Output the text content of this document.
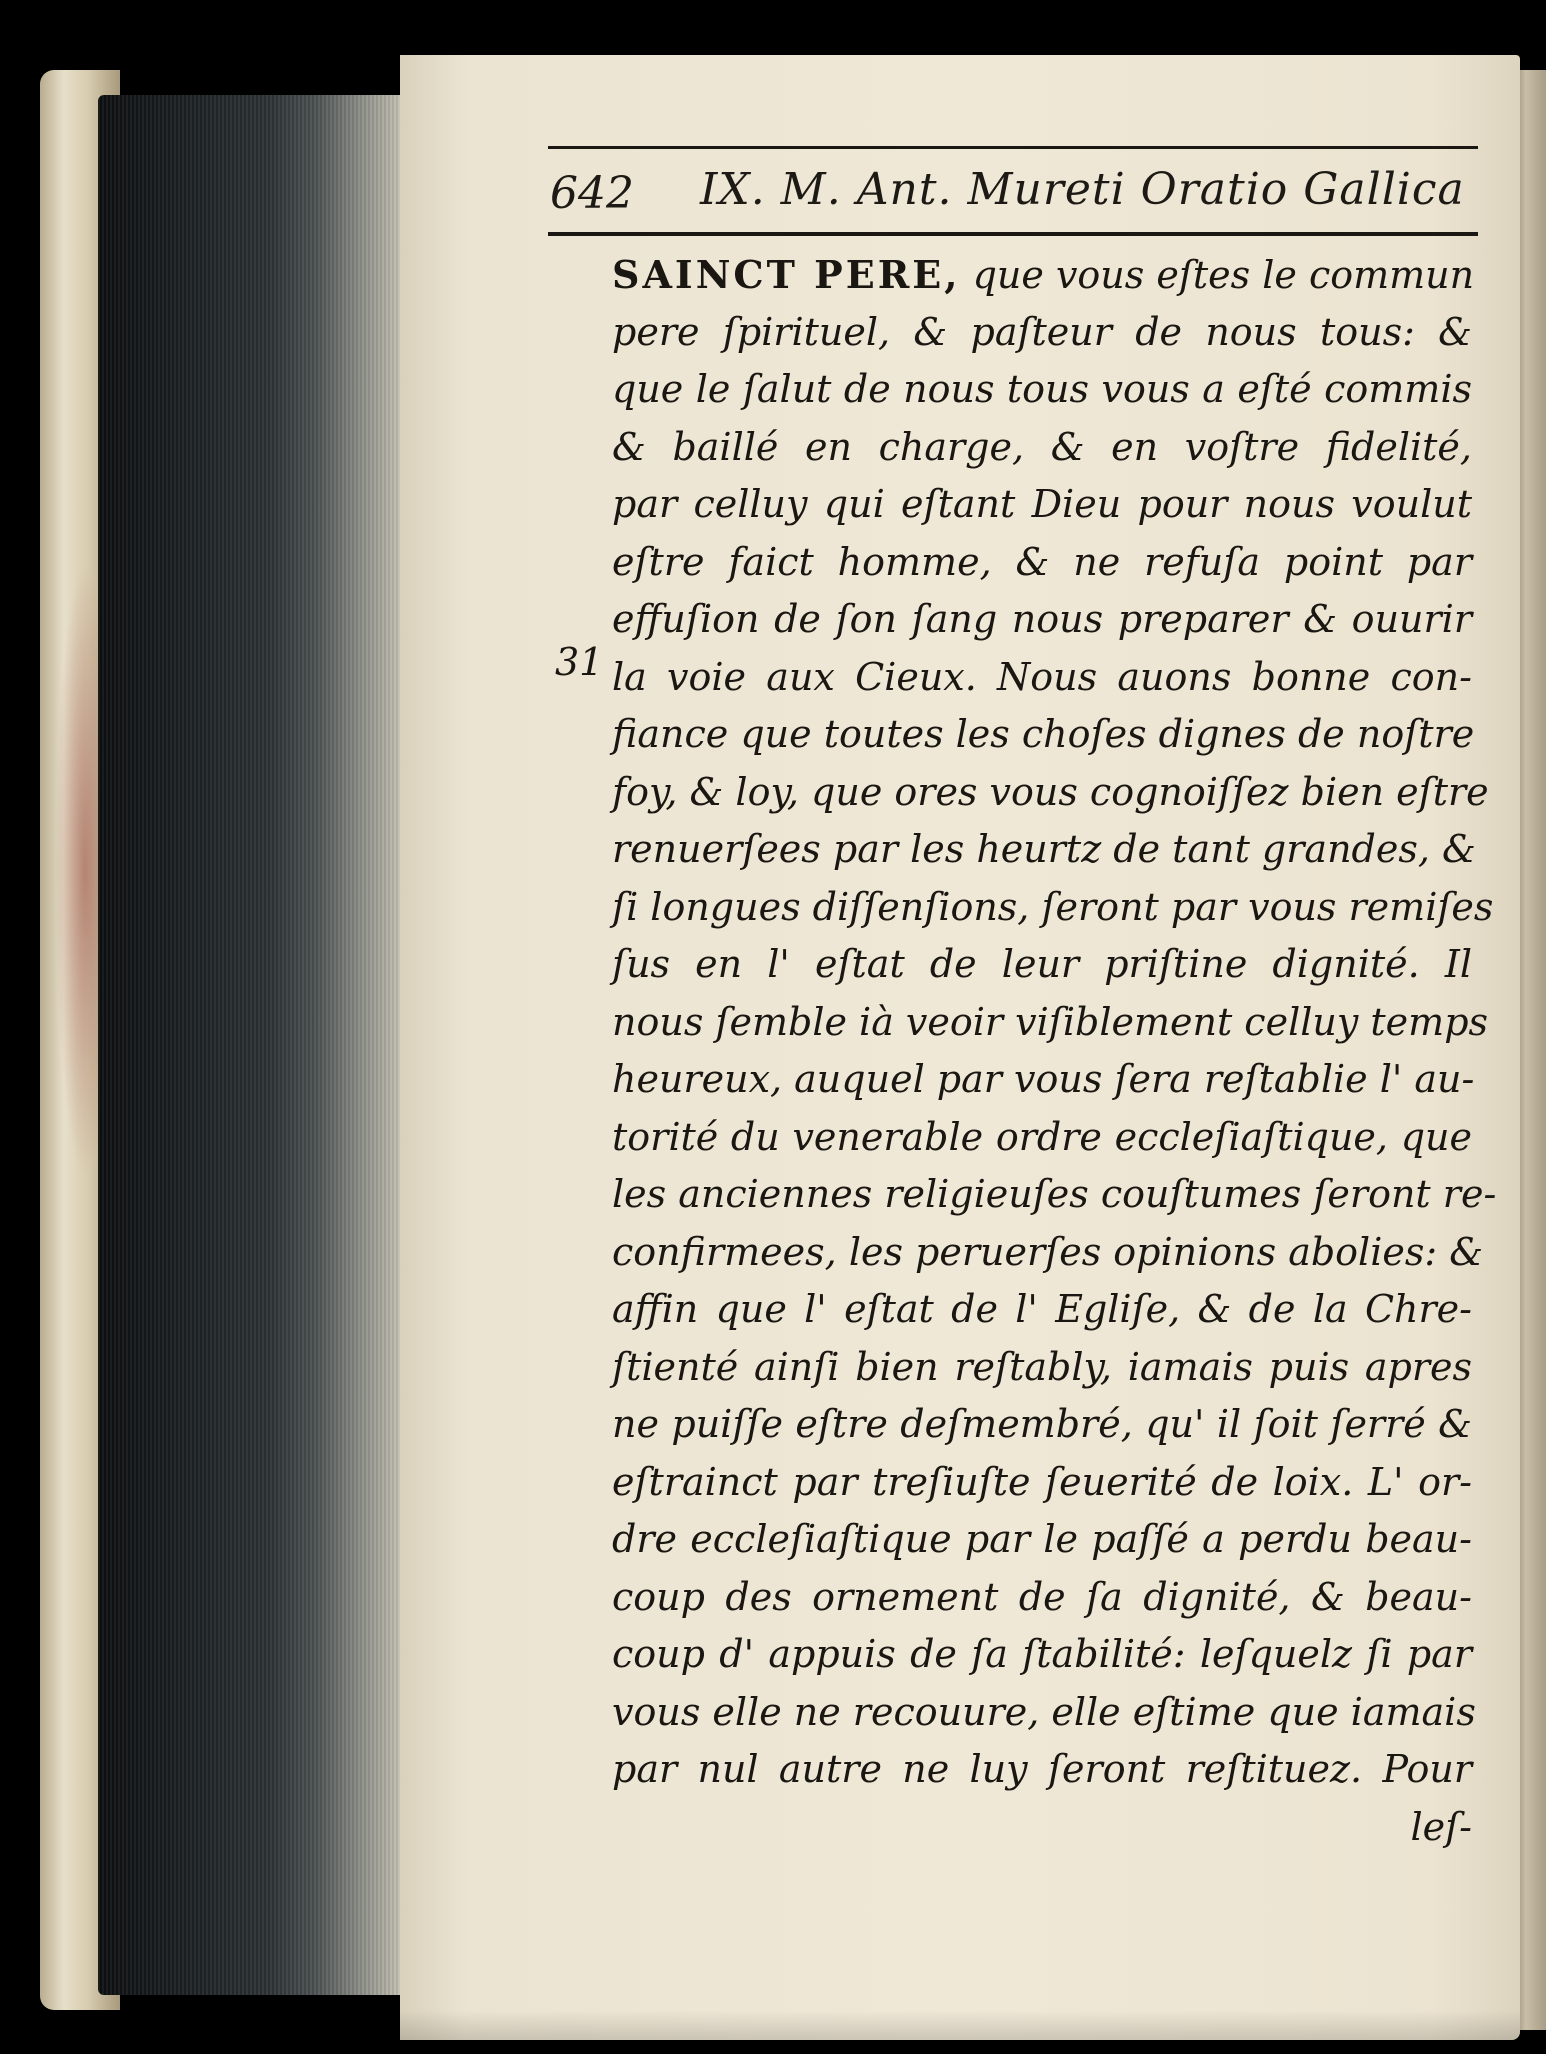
642 IX. M. Ant. Mureti Oratio Gallica
31
SAINCT PERE, que vous eſtes le commun
pere ſpirituel, & paſteur de nous tous: &
que le ſalut de nous tous vous a eſté commis
& baillé en charge, & en voſtre fidelité,
par celluy qui eſtant Dieu pour nous voulut
eſtre faict homme, & ne refuſa point par
effuſion de ſon ſang nous preparer & ouurir
la voie aux Cieux. Nous auons bonne con-
fiance que toutes les choſes dignes de noſtre
foy, & loy, que ores vous cognoiſſez bien eſtre
renuerſees par les heurtz de tant grandes, &
ſi longues diſſenſions, ſeront par vous remiſes
ſus en l' eſtat de leur priſtine dignité. Il
nous ſemble ià veoir viſiblement celluy temps
heureux, auquel par vous ſera reſtablie l' au-
torité du venerable ordre eccleſiaſtique, que
les anciennes religieuſes couſtumes ſeront re-
confirmees, les peruerſes opinions abolies: &
affin que l' eſtat de l' Egliſe, & de la Chre-
ſtienté ainſi bien reſtably, iamais puis apres
ne puiſſe eſtre deſmembré, qu' il ſoit ſerré &
eſtrainct par treſiuſte ſeuerité de loix. L' or-
dre eccleſiaſtique par le paſſé a perdu beau-
coup des ornement de ſa dignité, & beau-
coup d' appuis de ſa ſtabilité: leſquelz ſi par
vous elle ne recouure, elle eſtime que iamais
par nul autre ne luy ſeront reſtituez. Pour
leſ-
